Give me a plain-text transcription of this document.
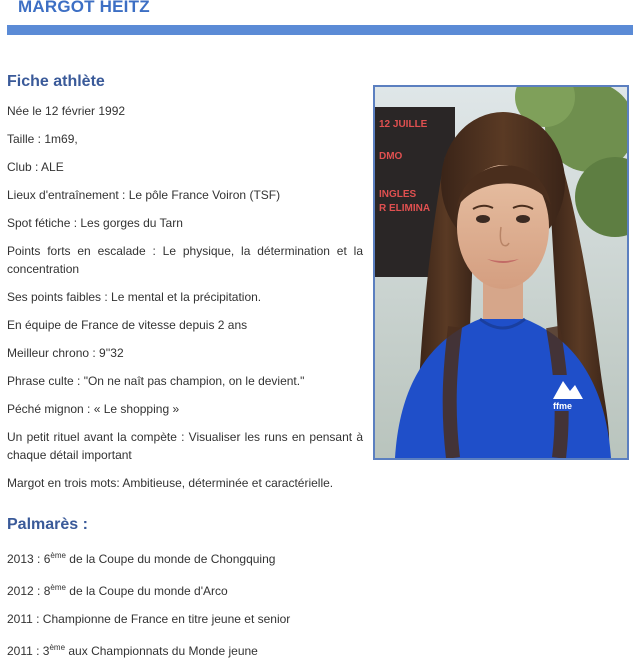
MARGOT HEITZ
Fiche athlète
Née le 12 février 1992
Taille : 1m69,
Club : ALE
Lieux d'entraînement : Le pôle France Voiron (TSF)
Spot fétiche : Les gorges du Tarn
Points forts en escalade : Le physique, la détermination et la concentration
Ses points faibles : Le mental et la précipitation.
En équipe de France de vitesse depuis 2 ans
Meilleur chrono : 9''32
Phrase culte : "On ne naît pas champion, on le devient."
Péché mignon : « Le shopping »
Un petit rituel avant la compète : Visualiser les runs en pensant à chaque détail important
Margot en trois mots: Ambitieuse, déterminée et caractérielle.
12 JUILLE
DMO
INGLES
R ELIMINA
ffme
Palmarès :
2013 : 6ème de la Coupe du monde de Chongquing
2012 : 8ème de la Coupe du monde d'Arco
2011 : Championne de France en titre jeune et senior
2011 : 3ème aux Championnats du Monde jeune
